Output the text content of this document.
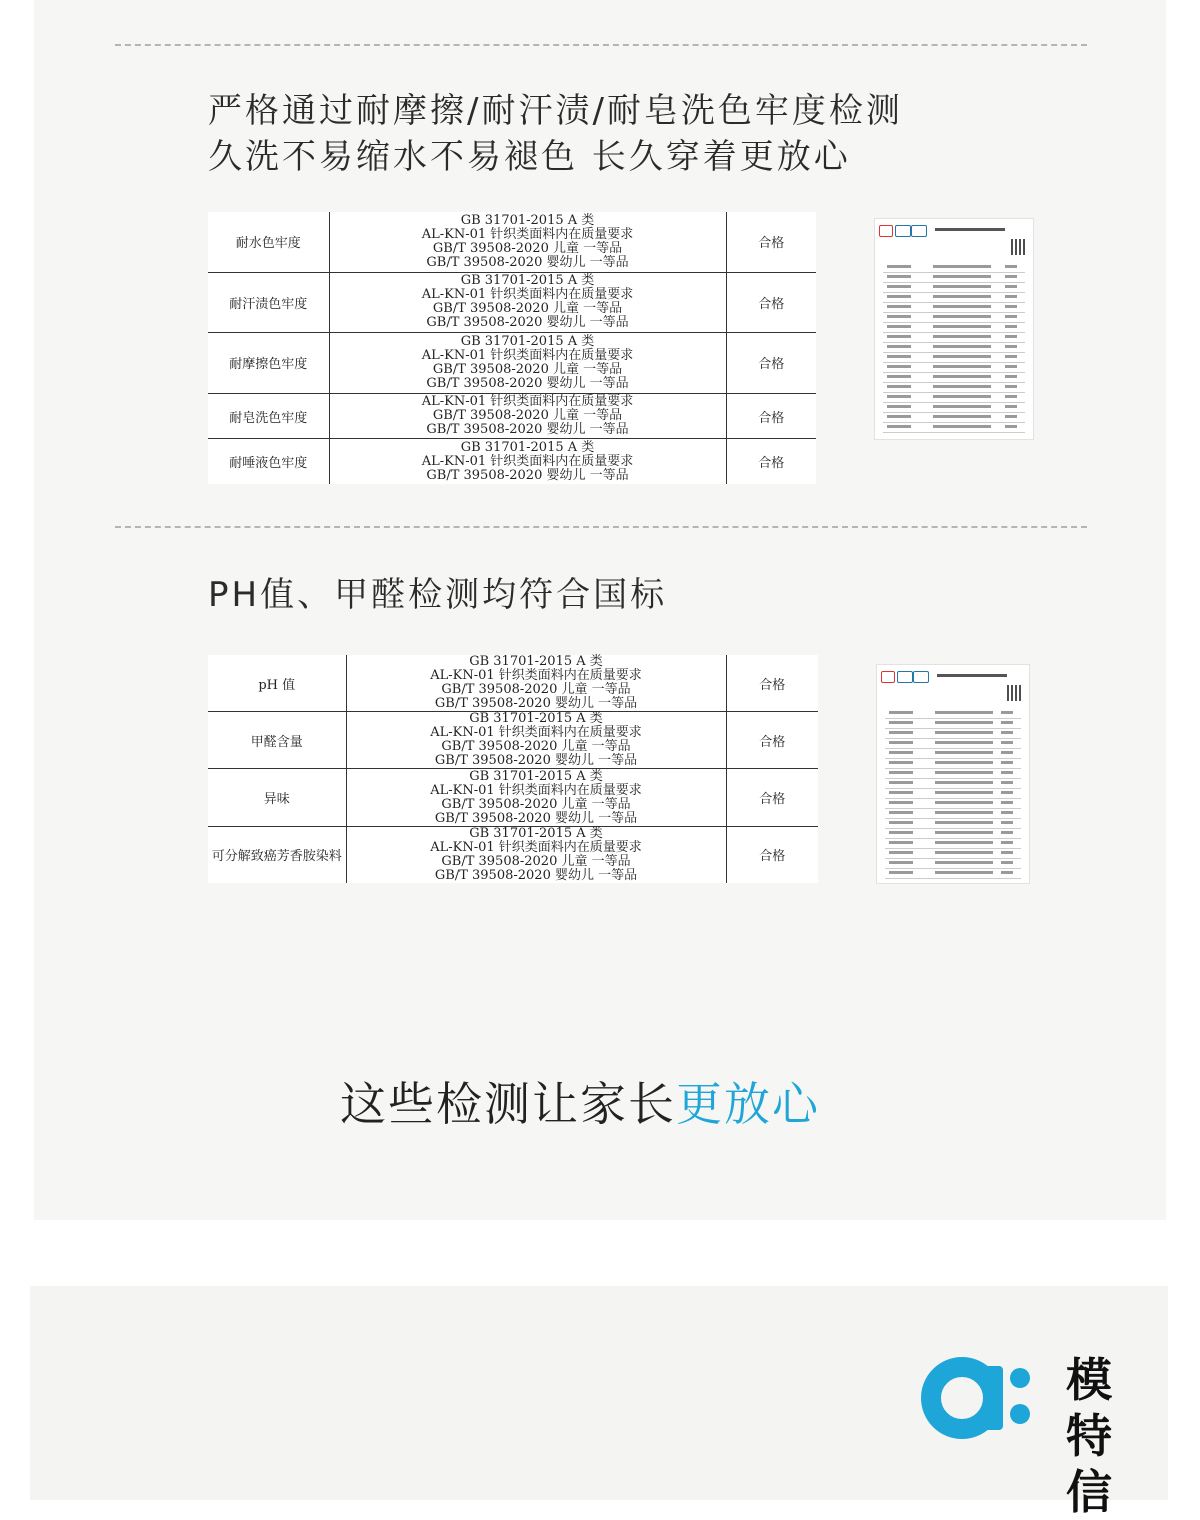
严格通过耐摩擦/耐汗渍/耐皂洗色牢度检测
久洗不易缩水不易褪色 长久穿着更放心
耐水色牢度	GB 31701-2015 A 类
AL-KN-01 针织类面料内在质量要求
GB/T 39508-2020 儿童 一等品
GB/T 39508-2020 婴幼儿 一等品	合格
耐汗渍色牢度	GB 31701-2015 A 类
AL-KN-01 针织类面料内在质量要求
GB/T 39508-2020 儿童 一等品
GB/T 39508-2020 婴幼儿 一等品	合格
耐摩擦色牢度	GB 31701-2015 A 类
AL-KN-01 针织类面料内在质量要求
GB/T 39508-2020 儿童 一等品
GB/T 39508-2020 婴幼儿 一等品	合格
耐皂洗色牢度	AL-KN-01 针织类面料内在质量要求
GB/T 39508-2020 儿童 一等品
GB/T 39508-2020 婴幼儿 一等品	合格
耐唾液色牢度	GB 31701-2015 A 类
AL-KN-01 针织类面料内在质量要求
GB/T 39508-2020 婴幼儿 一等品	合格
PH值、甲醛检测均符合国标
pH 值	GB 31701-2015 A 类
AL-KN-01 针织类面料内在质量要求
GB/T 39508-2020 儿童 一等品
GB/T 39508-2020 婴幼儿 一等品	合格
甲醛含量	GB 31701-2015 A 类
AL-KN-01 针织类面料内在质量要求
GB/T 39508-2020 儿童 一等品
GB/T 39508-2020 婴幼儿 一等品	合格
异味	GB 31701-2015 A 类
AL-KN-01 针织类面料内在质量要求
GB/T 39508-2020 儿童 一等品
GB/T 39508-2020 婴幼儿 一等品	合格
可分解致癌芳香胺染料	GB 31701-2015 A 类
AL-KN-01 针织类面料内在质量要求
GB/T 39508-2020 儿童 一等品
GB/T 39508-2020 婴幼儿 一等品	合格
这些检测让家长更放心
模特信
